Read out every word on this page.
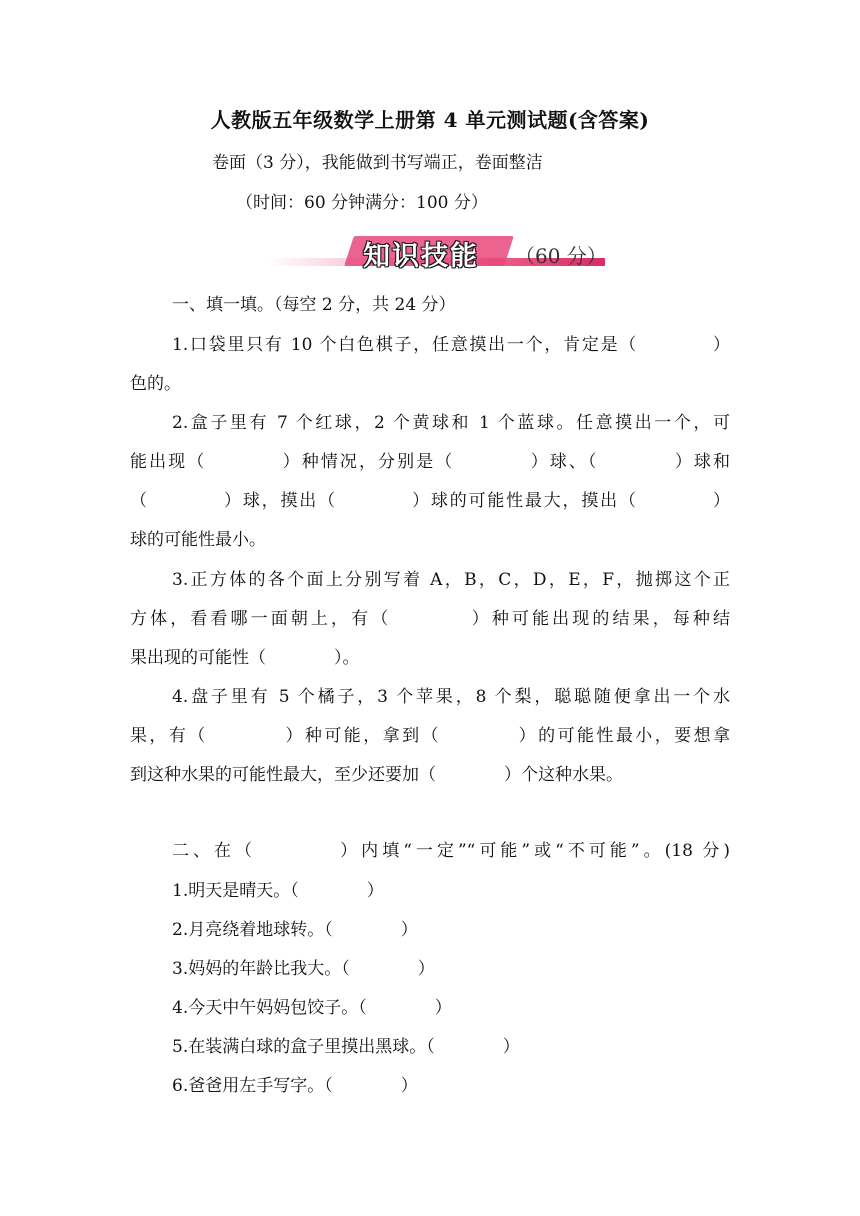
人教版五年级数学上册第 4 单元测试题(含答案)
卷面（3 分），我能做到书写端正，卷面整洁
（时间：60 分钟满分：100 分）
知识技能 （60 分）
一、填一填。（每空 2 分，共 24 分）
1.口袋里只有 10 个白色棋子，任意摸出一个，肯定是（　　　　）
色的。
2.盒子里有 7 个红球，2 个黄球和 1 个蓝球。任意摸出一个，可
能出现（　　　　）种情况，分别是（　　　　）球、（　　　　）球和
（　　　　）球，摸出（　　　　）球的可能性最大，摸出（　　　　）
球的可能性最小。
3.正方体的各个面上分别写着 A，B，C，D，E，F，抛掷这个正
方体，看看哪一面朝上，有（　　　　）种可能出现的结果，每种结
果出现的可能性（　　　　）。
4.盘子里有 5 个橘子，3 个苹果，8 个梨，聪聪随便拿出一个水
果，有（　　　　）种可能，拿到（　　　　）的可能性最小，要想拿
到这种水果的可能性最大，至少还要加（　　　　）个这种水果。
二、在（　　　　）内填“一定”“可能”或“不可能”。(18 分)
1.明天是晴天。（　　　　）
2.月亮绕着地球转。（　　　　）
3.妈妈的年龄比我大。（　　　　）
4.今天中午妈妈包饺子。（　　　　）
5.在装满白球的盒子里摸出黑球。（　　　　）
6.爸爸用左手写字。（　　　　）
